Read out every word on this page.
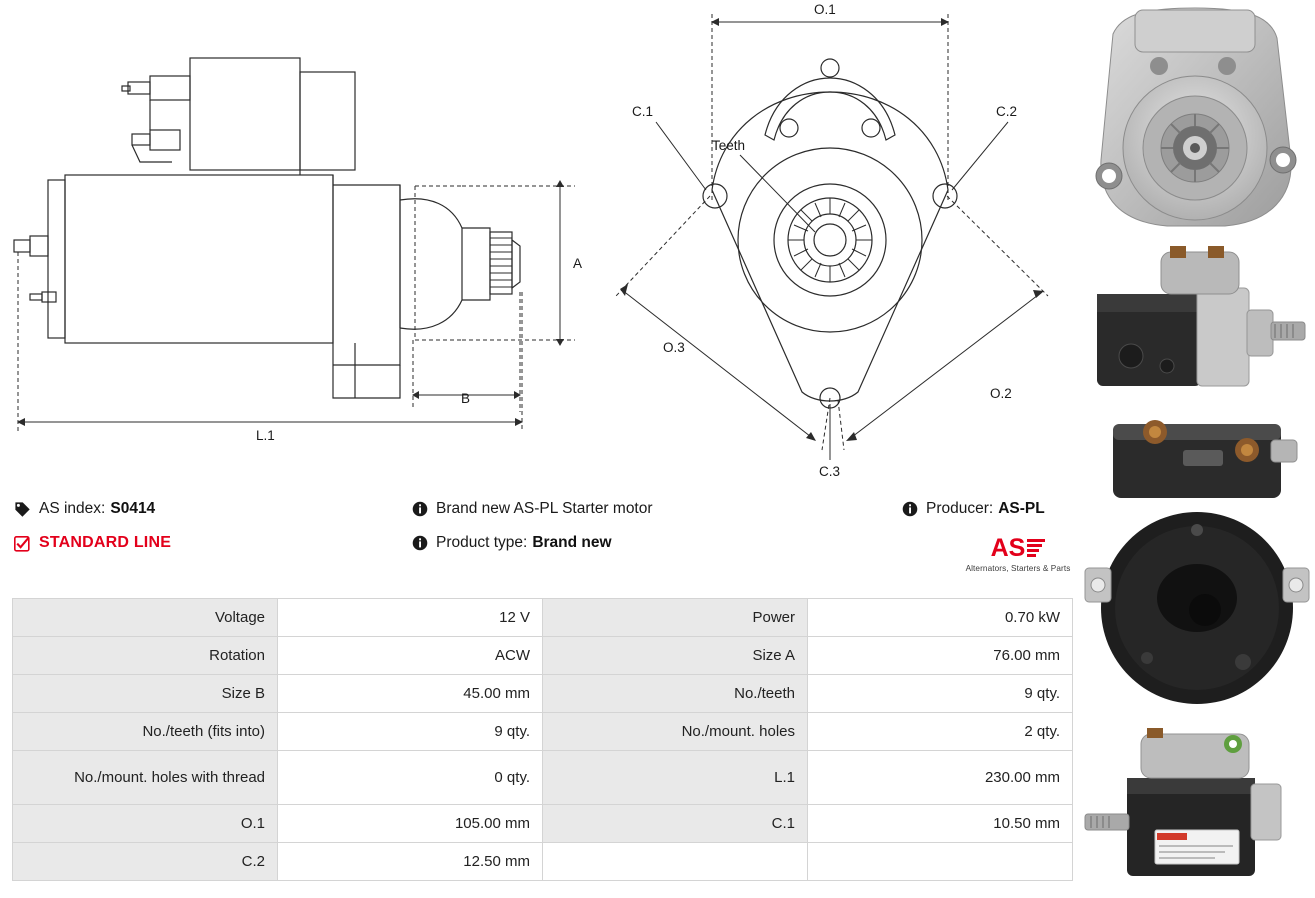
A
B
L.1
O.1
O.3
O.2
C.1	C.2
C.3
Teeth
AS index: S0414	Brand new AS-PL Starter motor	Producer: AS-PL
STANDARD LINE	Product type: Brand new	AS
Alternators, Starters & Parts
Voltage	12 V	Power	0.70 kW
Rotation	ACW	Size A	76.00 mm
Size B	45.00 mm	No./teeth	9 qty.
No./teeth (fits into)	9 qty.	No./mount. holes	2 qty.
No./mount. holes with thread	0 qty.	L.1	230.00 mm
O.1	105.00 mm	C.1	10.50 mm
C.2	12.50 mm		
